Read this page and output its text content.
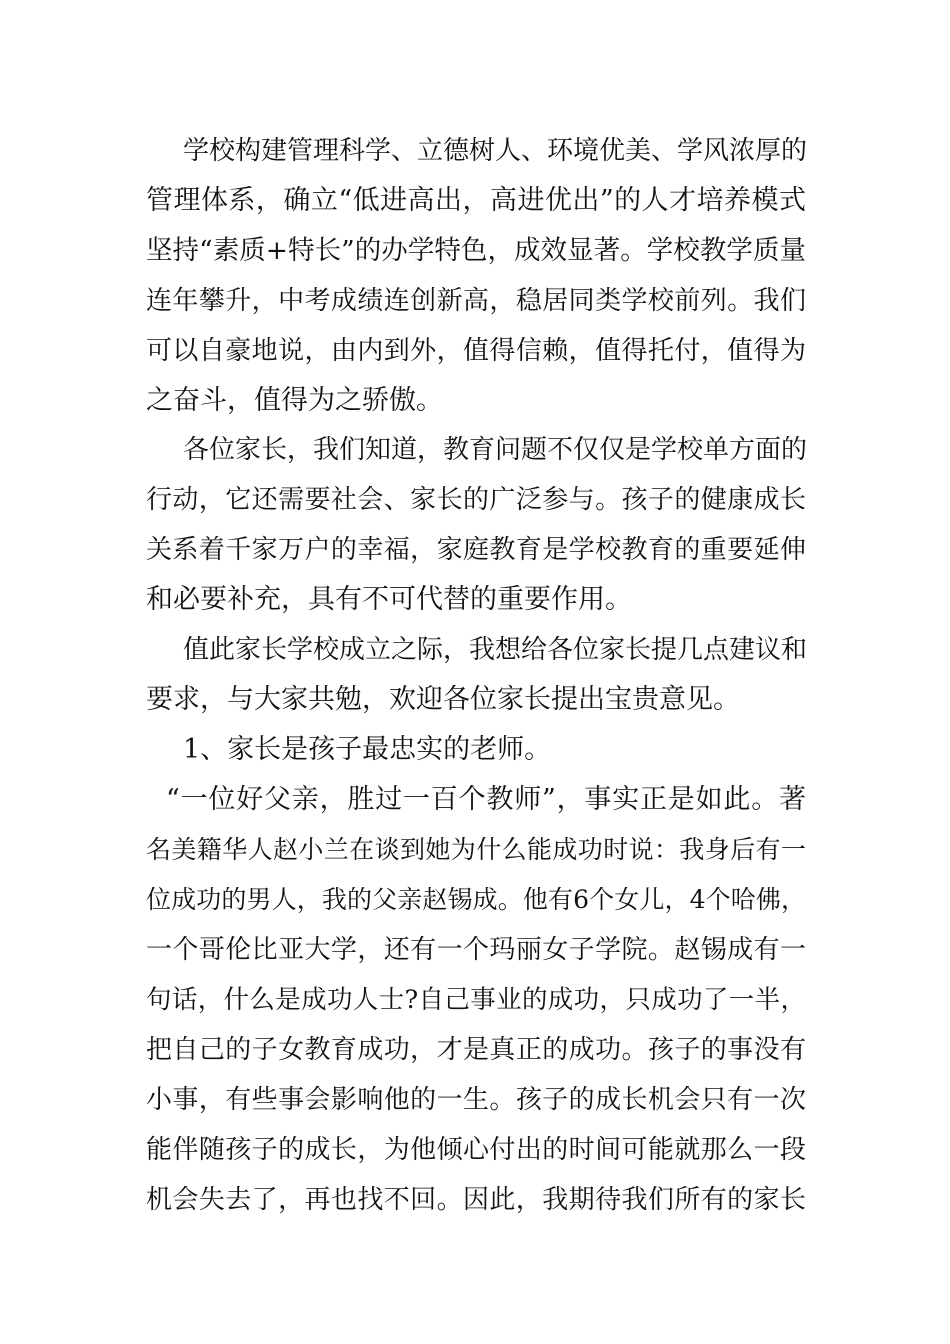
学校构建管理科学、立德树人、环境优美、学风浓厚的
管理体系，确立“低进高出，高进优出”的人才培养模式
坚持“素质+特长”的办学特色，成效显著。学校教学质量
连年攀升，中考成绩连创新高，稳居同类学校前列。我们
可以自豪地说，由内到外，值得信赖，值得托付，值得为
之奋斗，值得为之骄傲。
各位家长，我们知道，教育问题不仅仅是学校单方面的
行动，它还需要社会、家长的广泛参与。孩子的健康成长
关系着千家万户的幸福，家庭教育是学校教育的重要延伸
和必要补充，具有不可代替的重要作用。
值此家长学校成立之际，我想给各位家长提几点建议和
要求，与大家共勉，欢迎各位家长提出宝贵意见。
1、家长是孩子最忠实的老师。
“一位好父亲，胜过一百个教师”，事实正是如此。著
名美籍华人赵小兰在谈到她为什么能成功时说：我身后有一
位成功的男人，我的父亲赵锡成。他有6个女儿，4个哈佛，
一个哥伦比亚大学，还有一个玛丽女子学院。赵锡成有一
句话，什么是成功人士?自己事业的成功，只成功了一半，
把自己的子女教育成功，才是真正的成功。孩子的事没有
小事，有些事会影响他的一生。孩子的成长机会只有一次
能伴随孩子的成长，为他倾心付出的时间可能就那么一段
机会失去了，再也找不回。因此，我期待我们所有的家长
